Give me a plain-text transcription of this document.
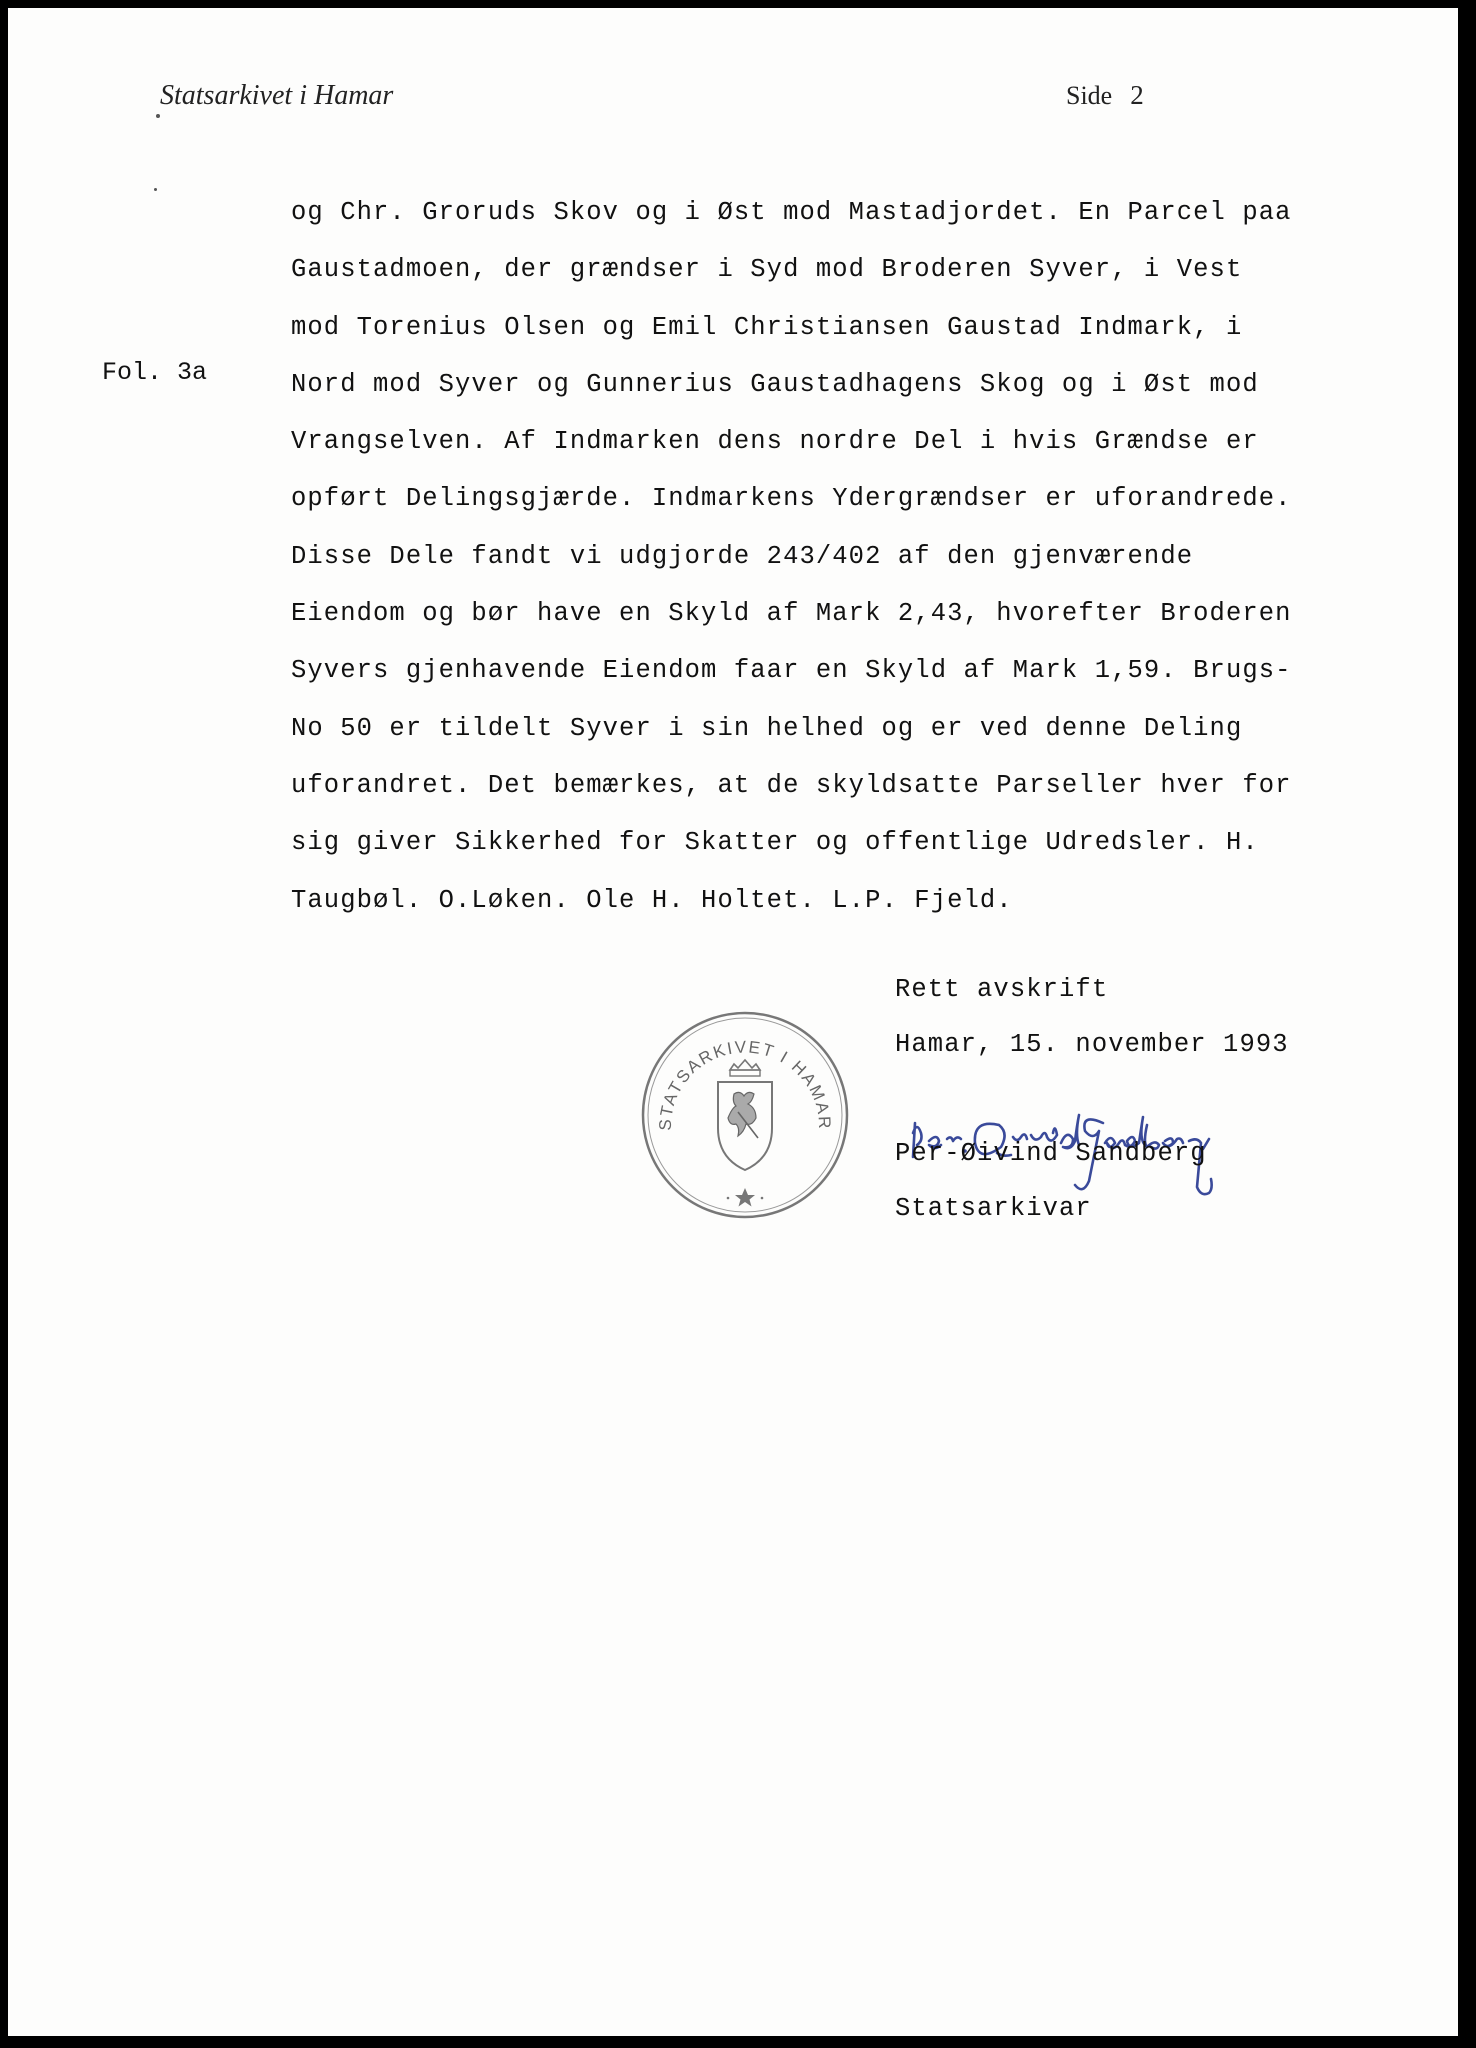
Statsarkivet i Hamar	Side 2
Fol. 3a
og Chr. Groruds Skov og i Øst mod Mastadjordet. En Parcel paa
Gaustadmoen, der grændser i Syd mod Broderen Syver, i Vest
mod Torenius Olsen og Emil Christiansen Gaustad Indmark, i
Nord mod Syver og Gunnerius Gaustadhagens Skog og i Øst mod
Vrangselven. Af Indmarken dens nordre Del i hvis Grændse er
opført Delingsgjærde. Indmarkens Ydergrændser er uforandrede.
Disse Dele fandt vi udgjorde 243/402 af den gjenværende
Eiendom og bør have en Skyld af Mark 2,43, hvorefter Broderen
Syvers gjenhavende Eiendom faar en Skyld af Mark 1,59. Brugs-
No 50 er tildelt Syver i sin helhed og er ved denne Deling
uforandret. Det bemærkes, at de skyldsatte Parseller hver for
sig giver Sikkerhed for Skatter og offentlige Udredsler. H.
Taugbøl. O.Løken. Ole H. Holtet. L.P. Fjeld.
STATSARKIVET I HAMAR
Rett avskrift
Hamar, 15. november 1993
Per-Øivind Sandberg
Statsarkivar
